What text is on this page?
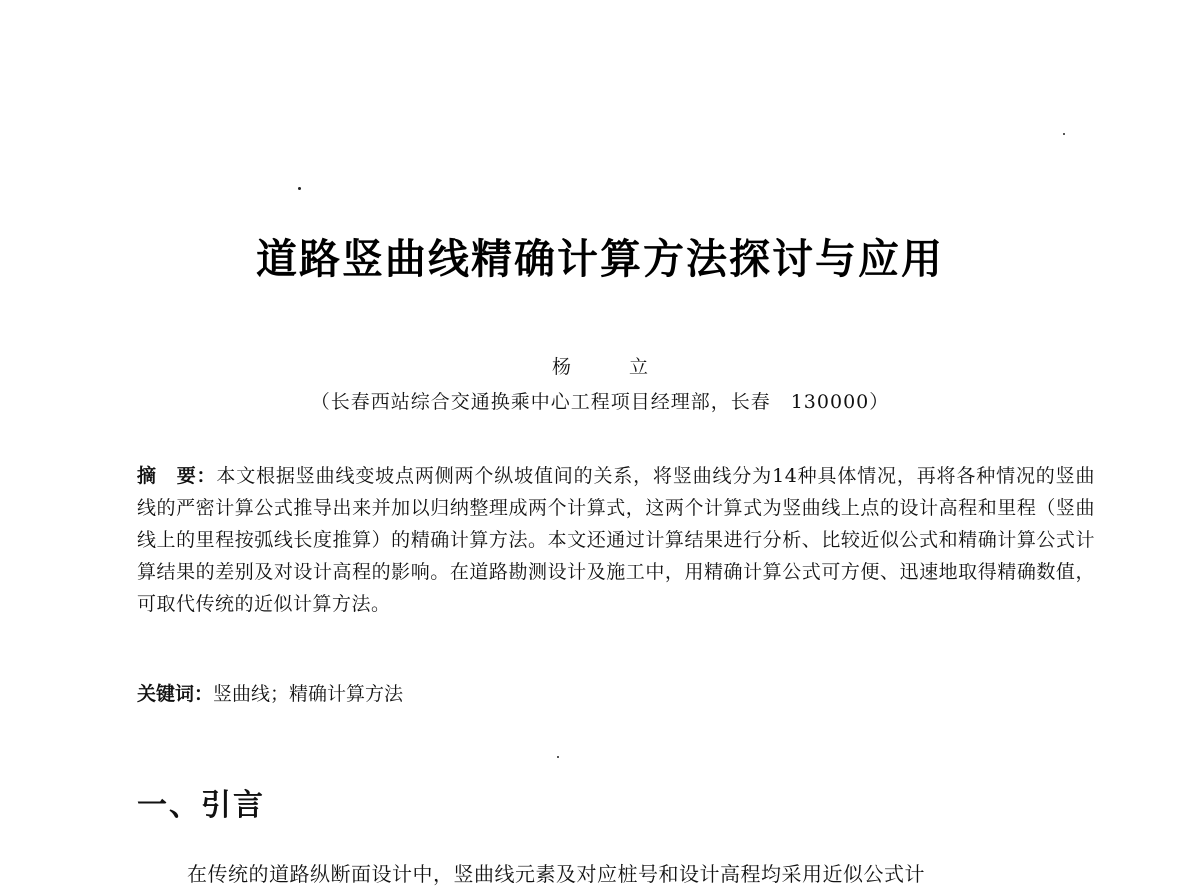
道路竖曲线精确计算方法探讨与应用
杨 立
（长春西站综合交通换乘中心工程项目经理部，长春　130000）
摘　要：本文根据竖曲线变坡点两侧两个纵坡值间的关系，将竖曲线分为14种具体情况，再将各种情况的竖曲线的严密计算公式推导出来并加以归纳整理成两个计算式，这两个计算式为竖曲线上点的设计高程和里程（竖曲线上的里程按弧线长度推算）的精确计算方法。本文还通过计算结果进行分析、比较近似公式和精确计算公式计算结果的差别及对设计高程的影响。在道路勘测设计及施工中，用精确计算公式可方便、迅速地取得精确数值，可取代传统的近似计算方法。
关键词：竖曲线；精确计算方法
一、引言
在传统的道路纵断面设计中，竖曲线元素及对应桩号和设计高程均采用近似公式计
